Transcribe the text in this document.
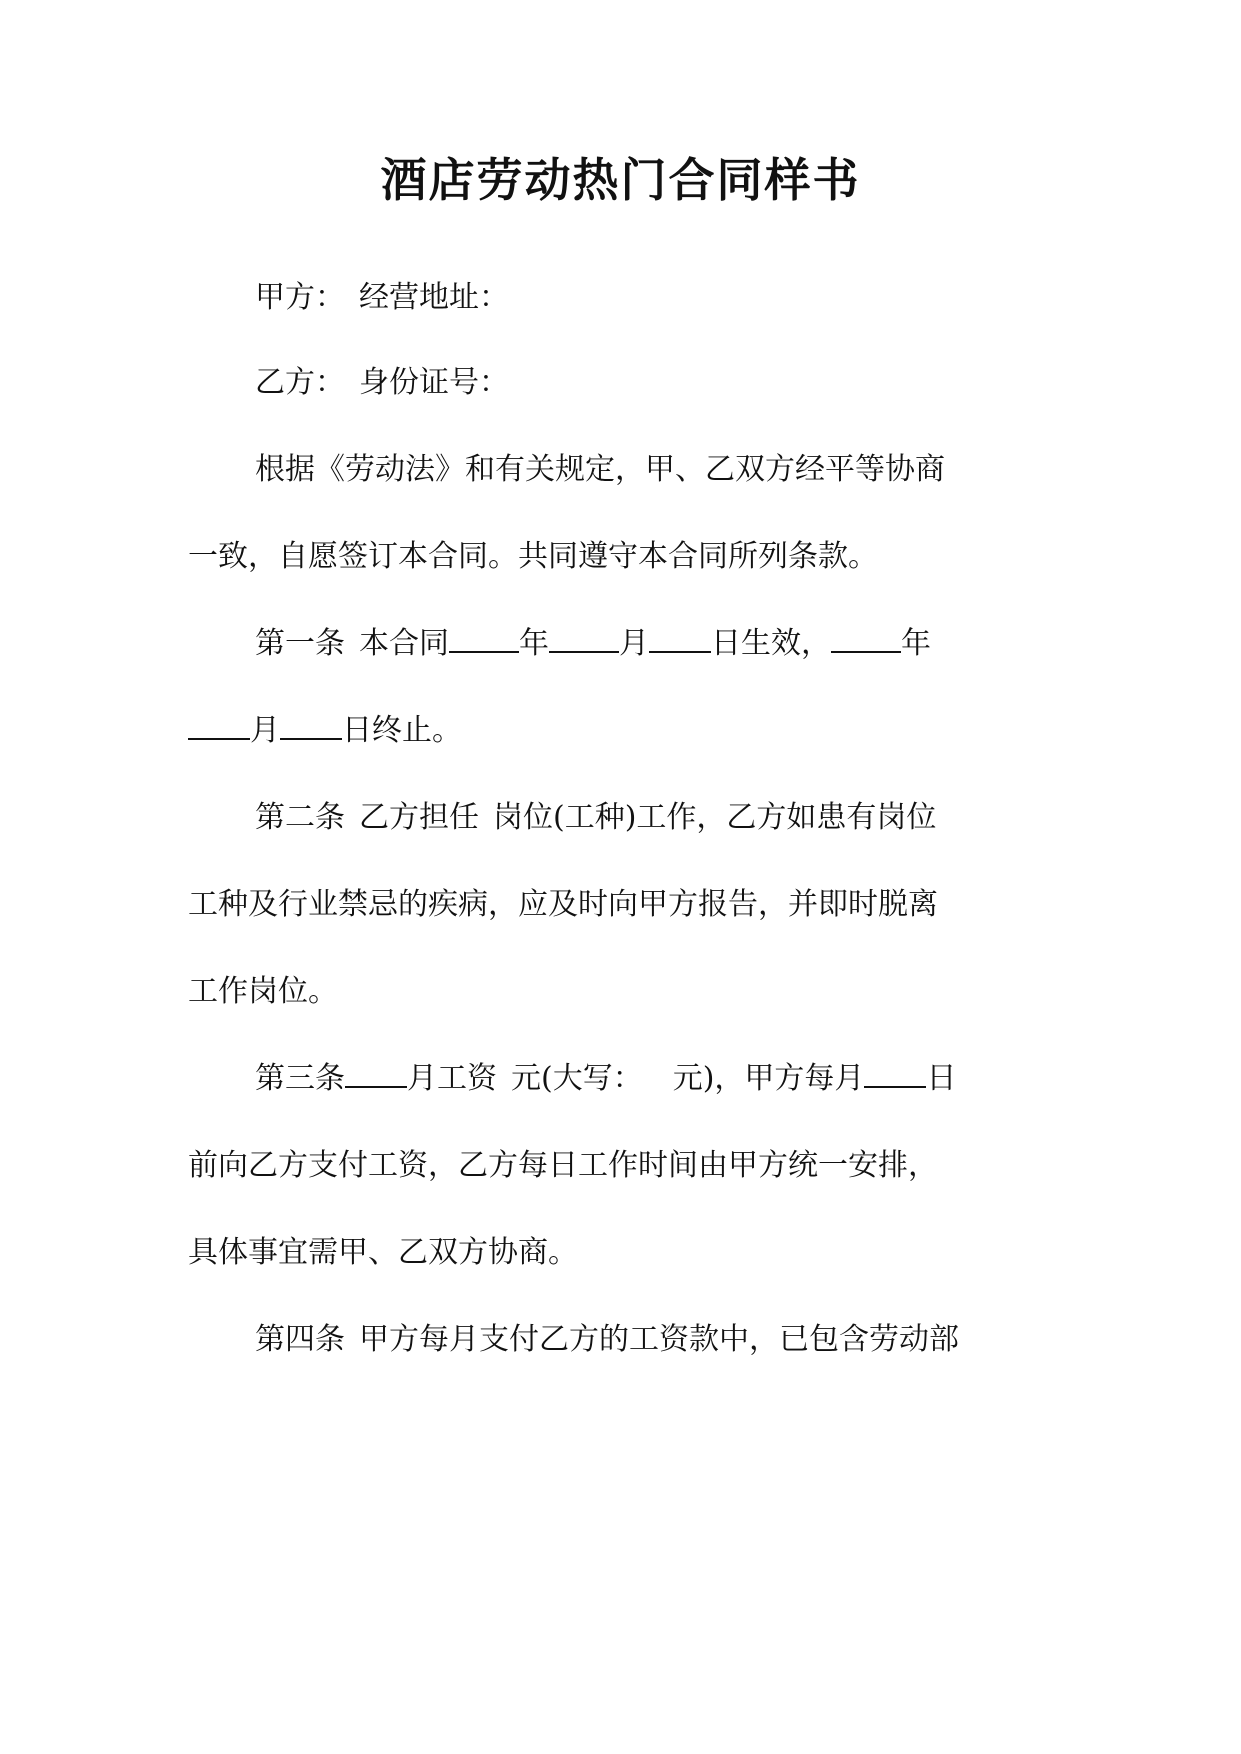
酒店劳动热门合同样书

甲方： 经营地址：

乙方： 身份证号：

根据《劳动法》和有关规定，甲、乙双方经平等协商

一致，自愿签订本合同。共同遵守本合同所列条款。

第一条 本合同 年 月 日生效， 年

月 日终止。

第二条 乙方担任 岗位(工种)工作，乙方如患有岗位

工种及行业禁忌的疾病，应及时向甲方报告，并即时脱离

工作岗位。

第三条 月工资 元(大写： 元)，甲方每月 日

前向乙方支付工资，乙方每日工作时间由甲方统一安排，

具体事宜需甲、乙双方协商。

第四条 甲方每月支付乙方的工资款中，已包含劳动部
